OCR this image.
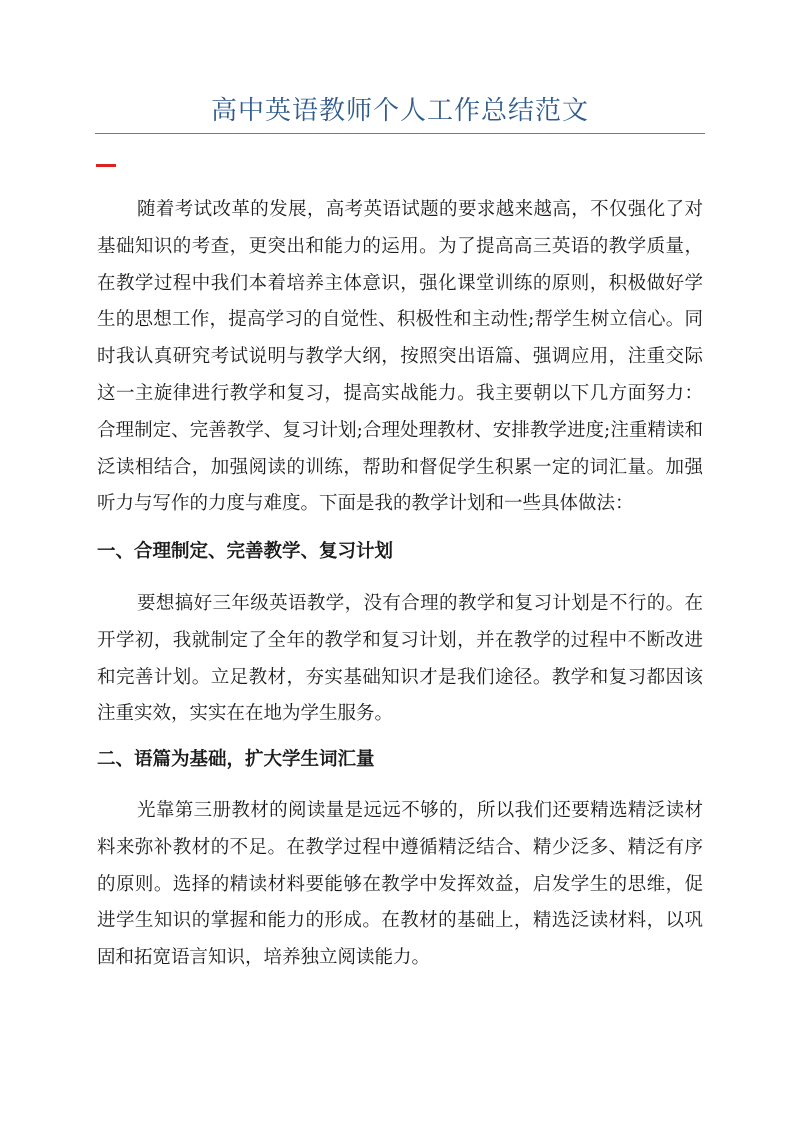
高中英语教师个人工作总结范文

随着考试改革的发展，高考英语试题的要求越来越高，不仅强化了对基础知识的考查，更突出和能力的运用。为了提高高三英语的教学质量，在教学过程中我们本着培养主体意识，强化课堂训练的原则，积极做好学生的思想工作，提高学习的自觉性、积极性和主动性;帮学生树立信心。同时我认真研究考试说明与教学大纲，按照突出语篇、强调应用，注重交际这一主旋律进行教学和复习，提高实战能力。我主要朝以下几方面努力：合理制定、完善教学、复习计划;合理处理教材、安排教学进度;注重精读和泛读相结合，加强阅读的训练，帮助和督促学生积累一定的词汇量。加强听力与写作的力度与难度。下面是我的教学计划和一些具体做法：

一、合理制定、完善教学、复习计划

要想搞好三年级英语教学，没有合理的教学和复习计划是不行的。在开学初，我就制定了全年的教学和复习计划，并在教学的过程中不断改进和完善计划。立足教材，夯实基础知识才是我们途径。教学和复习都因该注重实效，实实在在地为学生服务。

二、语篇为基础，扩大学生词汇量

光靠第三册教材的阅读量是远远不够的，所以我们还要精选精泛读材料来弥补教材的不足。在教学过程中遵循精泛结合、精少泛多、精泛有序的原则。选择的精读材料要能够在教学中发挥效益，启发学生的思维，促进学生知识的掌握和能力的形成。在教材的基础上，精选泛读材料，以巩固和拓宽语言知识，培养独立阅读能力。
